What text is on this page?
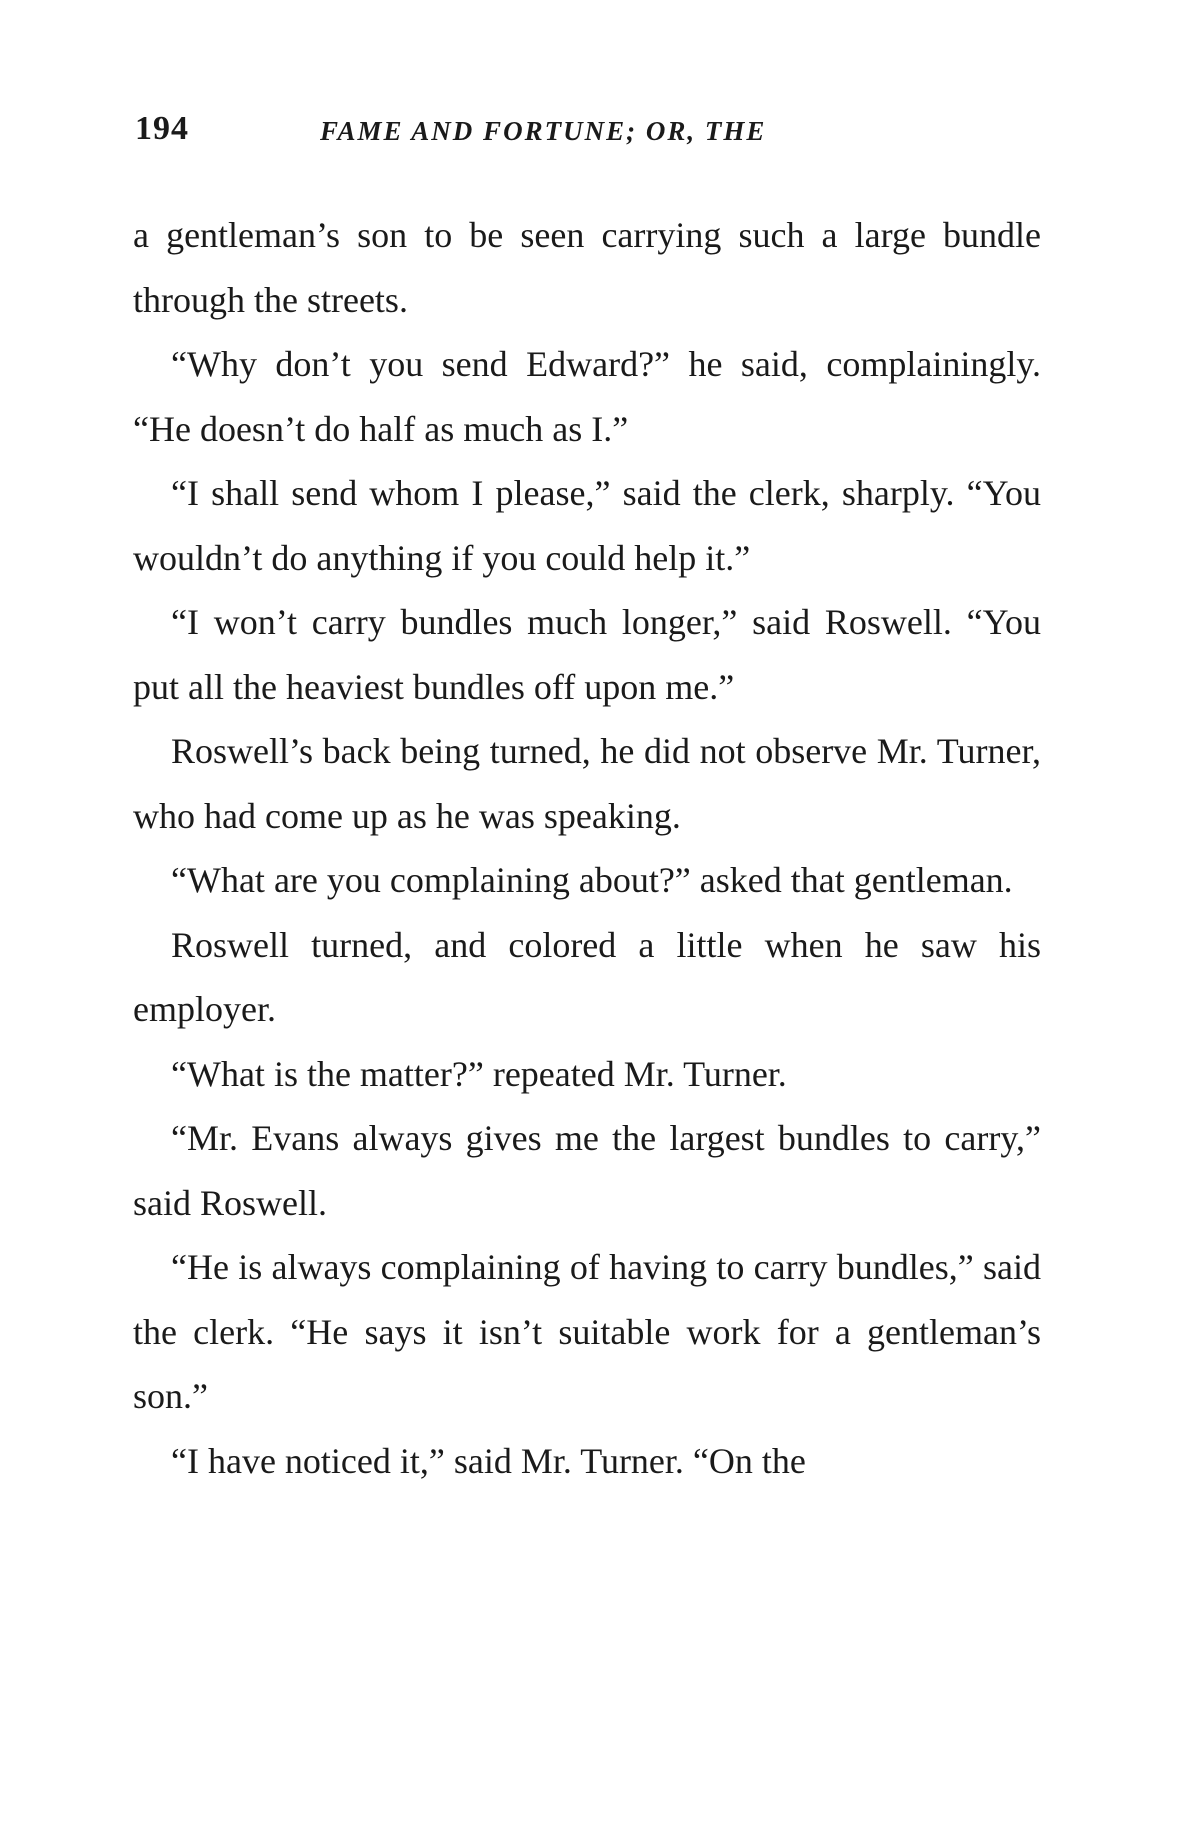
194	FAME AND FORTUNE; OR, THE

a gentleman’s son to be seen carrying such a large bundle through the streets.

“Why don’t you send Edward?” he said, complainingly. “He doesn’t do half as much as I.”

“I shall send whom I please,” said the clerk, sharply. “You wouldn’t do anything if you could help it.”

“I won’t carry bundles much longer,” said Roswell. “You put all the heaviest bundles off upon me.”

Roswell’s back being turned, he did not observe Mr. Turner, who had come up as he was speaking.

“What are you complaining about?” asked that gentleman.

Roswell turned, and colored a little when he saw his employer.

“What is the matter?” repeated Mr. Turner.

“Mr. Evans always gives me the largest bundles to carry,” said Roswell.

“He is always complaining of having to carry bundles,” said the clerk. “He says it isn’t suitable work for a gentleman’s son.”

“I have noticed it,” said Mr. Turner. “On the
